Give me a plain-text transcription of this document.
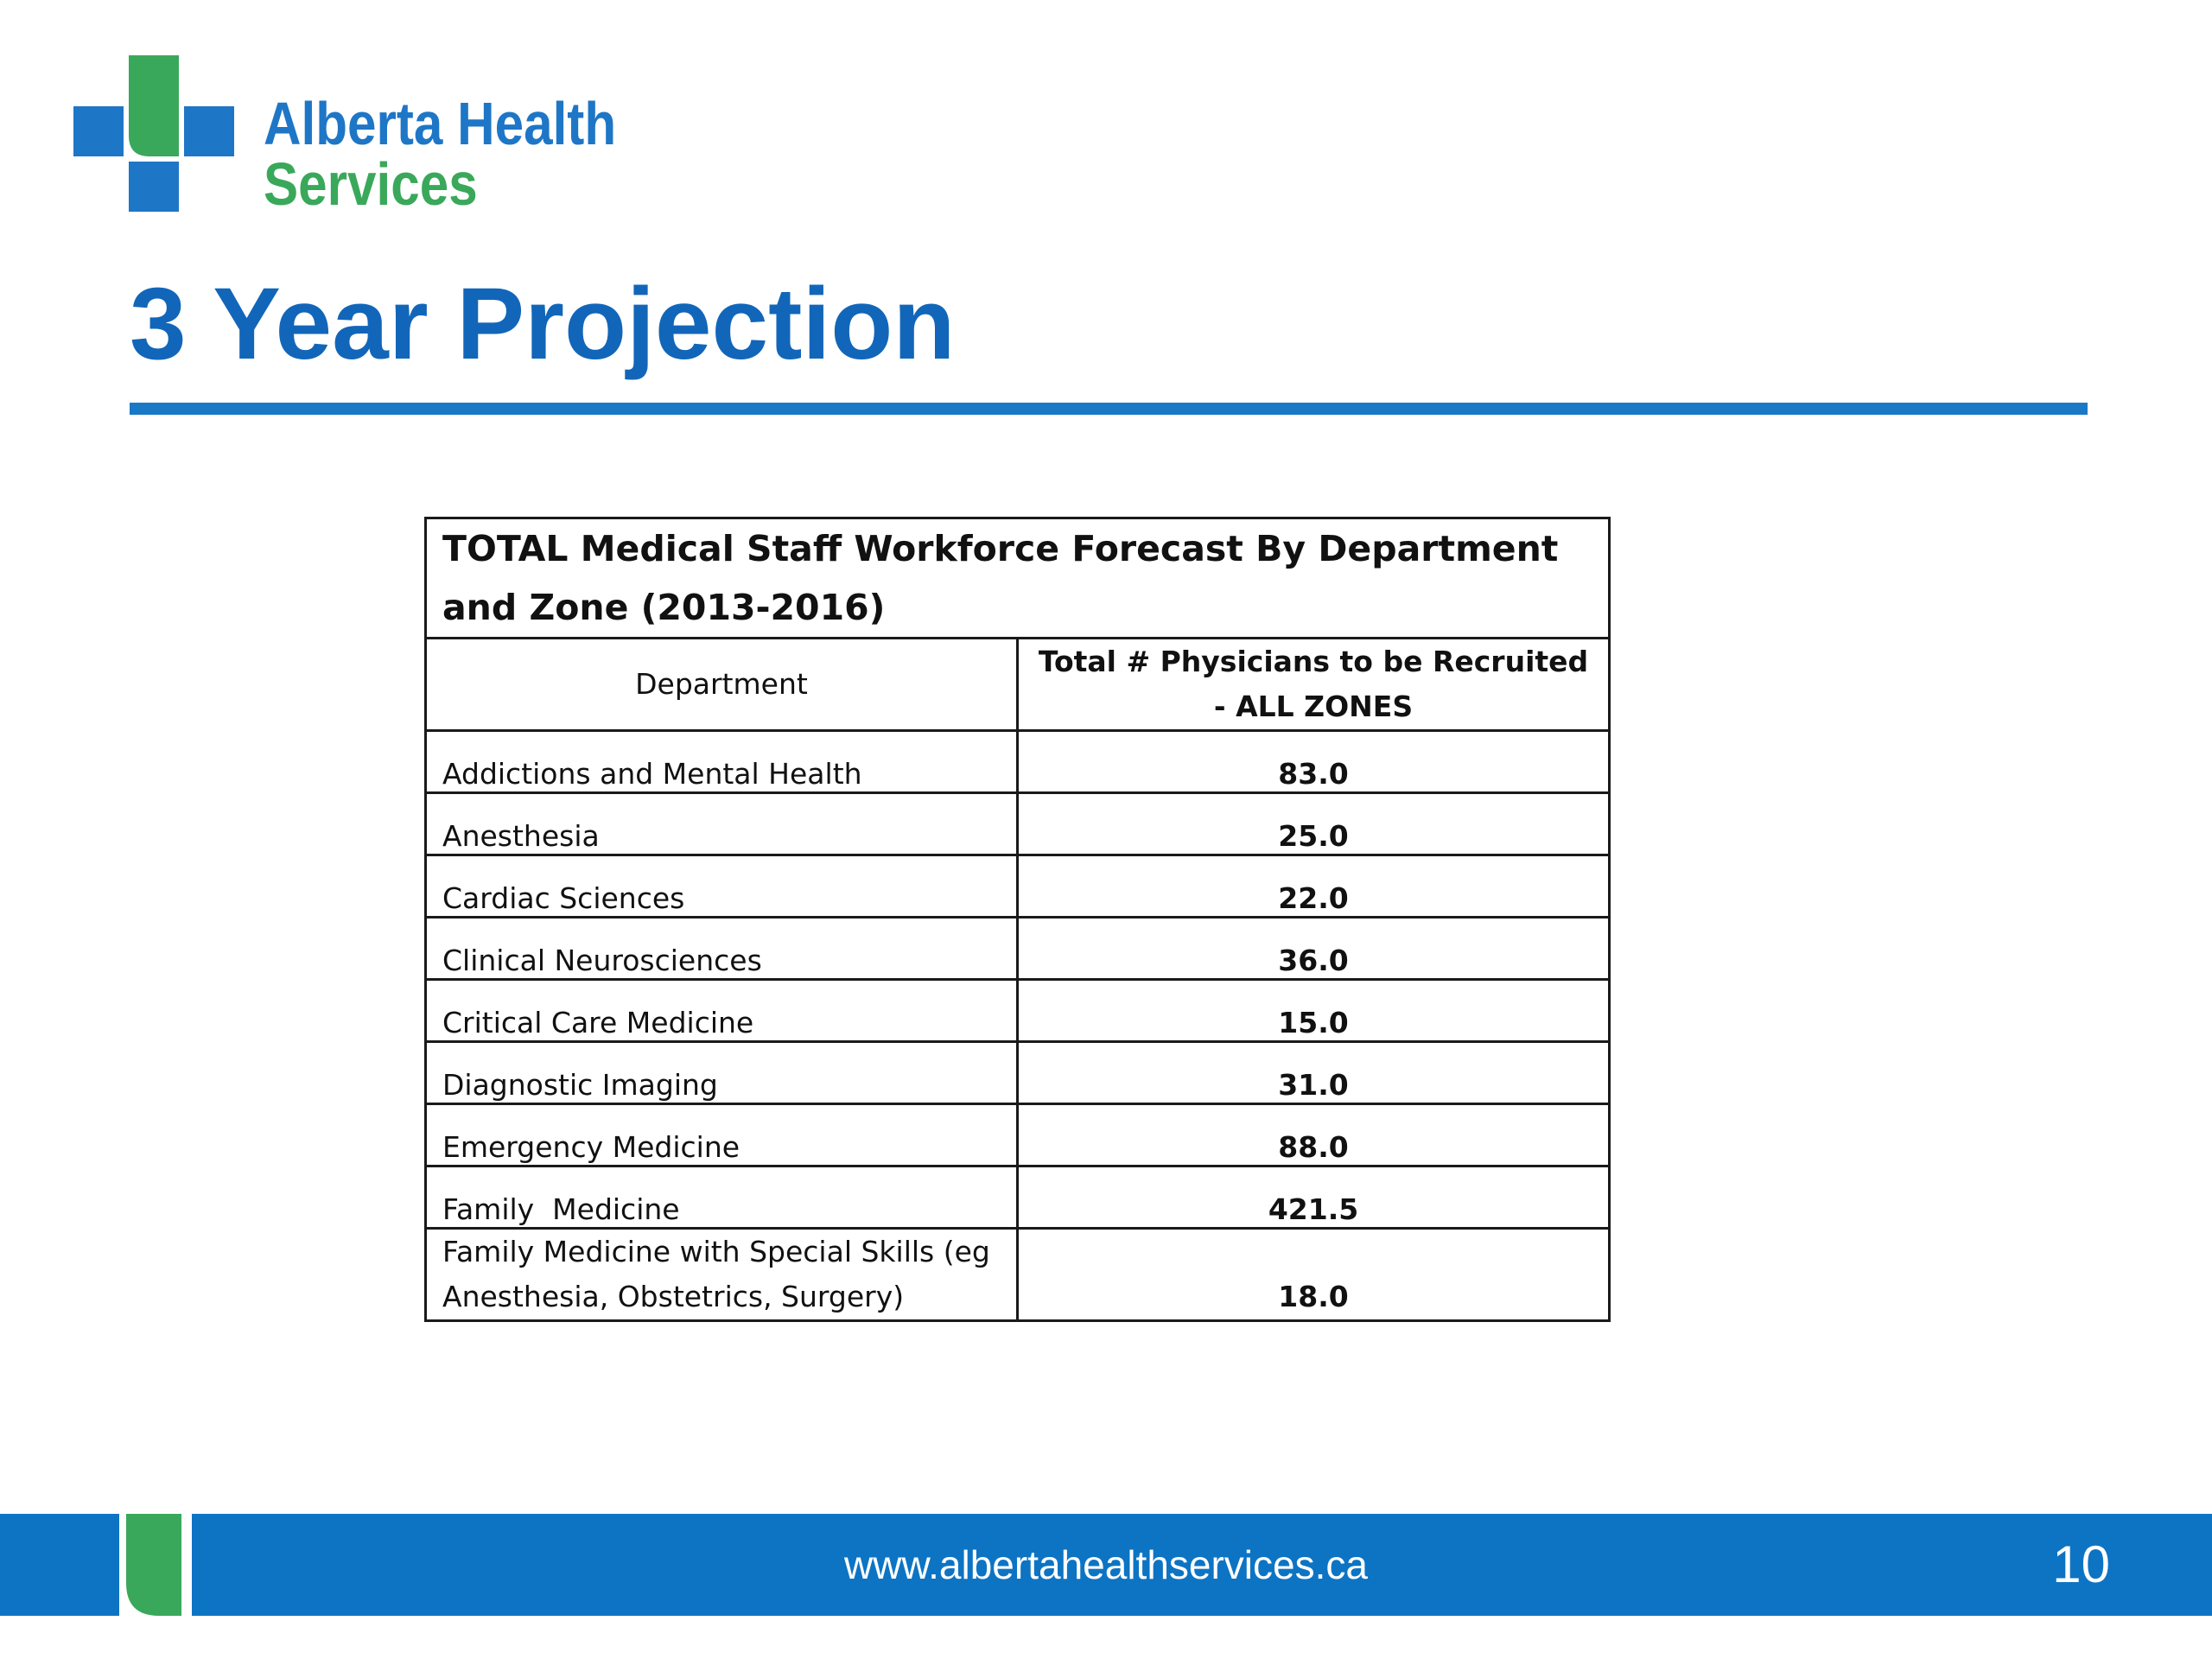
Alberta Health
Services
3 Year Projection
TOTAL Medical Staff Workforce Forecast By Department and Zone (2013-2016)	
Department	Total # Physicians to be Recruited - ALL ZONES
Addictions and Mental Health	83.0
Anesthesia	25.0
Cardiac Sciences	22.0
Clinical Neurosciences	36.0
Critical Care Medicine	15.0
Diagnostic Imaging	31.0
Emergency Medicine	88.0
Family  Medicine	421.5
Family Medicine with Special Skills (eg Anesthesia, Obstetrics, Surgery)	18.0
www.albertahealthservices.ca	10
